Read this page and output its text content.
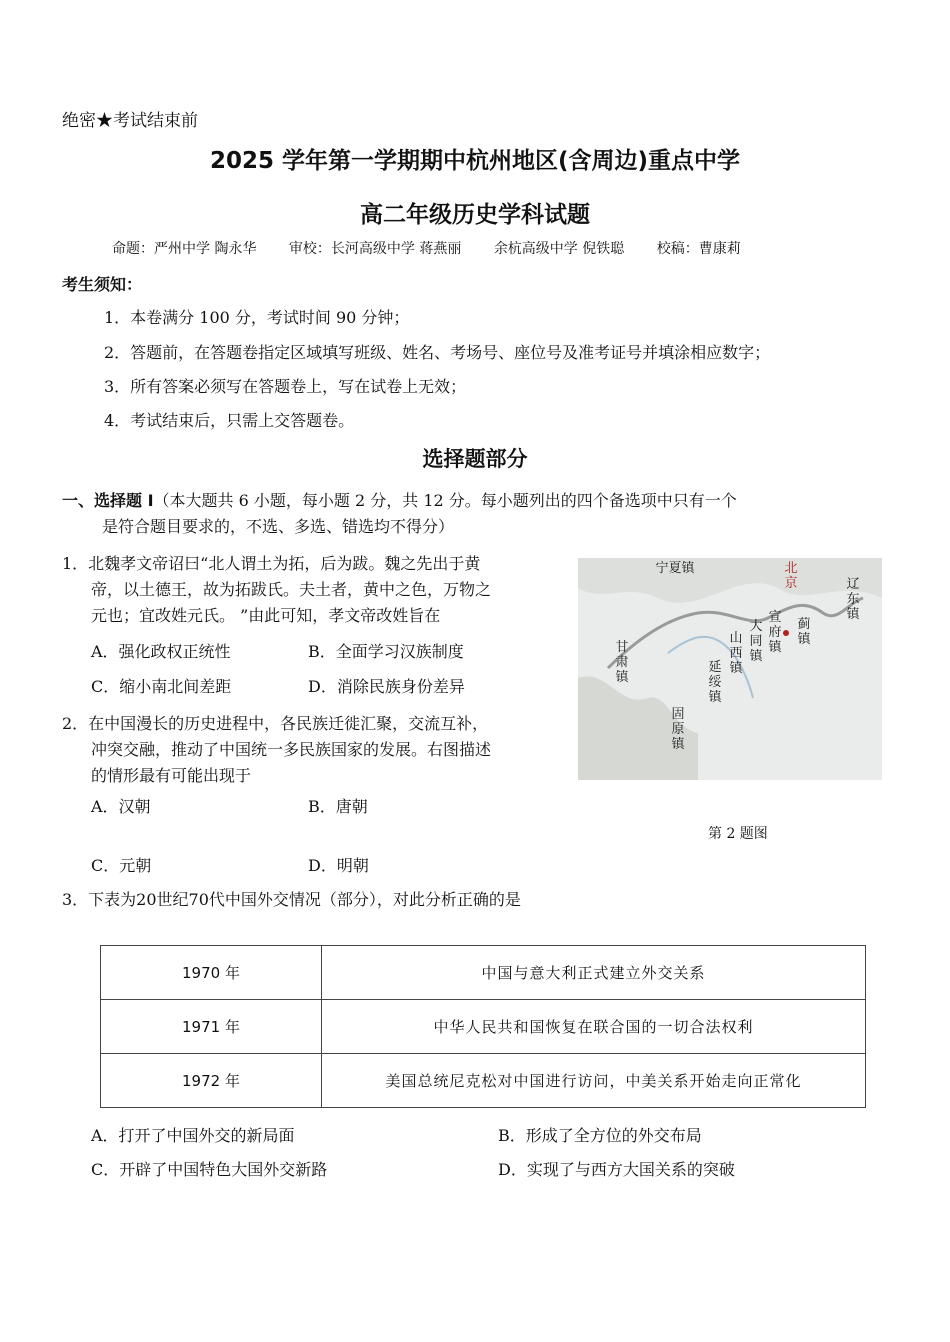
绝密★考试结束前
2025 学年第一学期期中杭州地区(含周边)重点中学
高二年级历史学科试题
命题：严州中学 陶永华 审校：长河高级中学 蒋燕丽 余杭高级中学 倪铁聪 校稿：曹康莉
考生须知：
1．本卷满分 100 分，考试时间 90 分钟；
2．答题前，在答题卷指定区域填写班级、姓名、考场号、座位号及准考证号并填涂相应数字；
3．所有答案必须写在答题卷上，写在试卷上无效；
4．考试结束后，只需上交答题卷。
选择题部分
一、选择题 Ⅰ（本大题共 6 小题，每小题 2 分，共 12 分。每小题列出的四个备选项中只有一个
是符合题目要求的，不选、多选、错选均不得分）
1．北魏孝文帝诏曰“北人谓土为拓，后为跋。魏之先出于黄
帝，以土德王，故为拓跋氏。夫土者，黄中之色，万物之
元也；宜改姓元氏。 ”由此可知，孝文帝改姓旨在
A．强化政权正统性	B．全面学习汉族制度
C．缩小南北间差距	D．消除民族身份差异
宁夏镇	北京	辽东镇
宣府镇
蓟镇
大同镇
山西镇
甘肃镇
延绥镇
固原镇
2．在中国漫长的历史进程中，各民族迁徙汇聚，交流互补，
冲突交融，推动了中国统一多民族国家的发展。右图描述
的情形最有可能出现于
A．汉朝	B．唐朝
第 2 题图
C．元朝	D．明朝
3．下表为20世纪70代中国外交情况（部分），对此分析正确的是
1970 年	中国与意大利正式建立外交关系
1971 年	中华人民共和国恢复在联合国的一切合法权利
1972 年	美国总统尼克松对中国进行访问，中美关系开始走向正常化
A．打开了中国外交的新局面	B．形成了全方位的外交布局
C．开辟了中国特色大国外交新路	D．实现了与西方大国关系的突破
